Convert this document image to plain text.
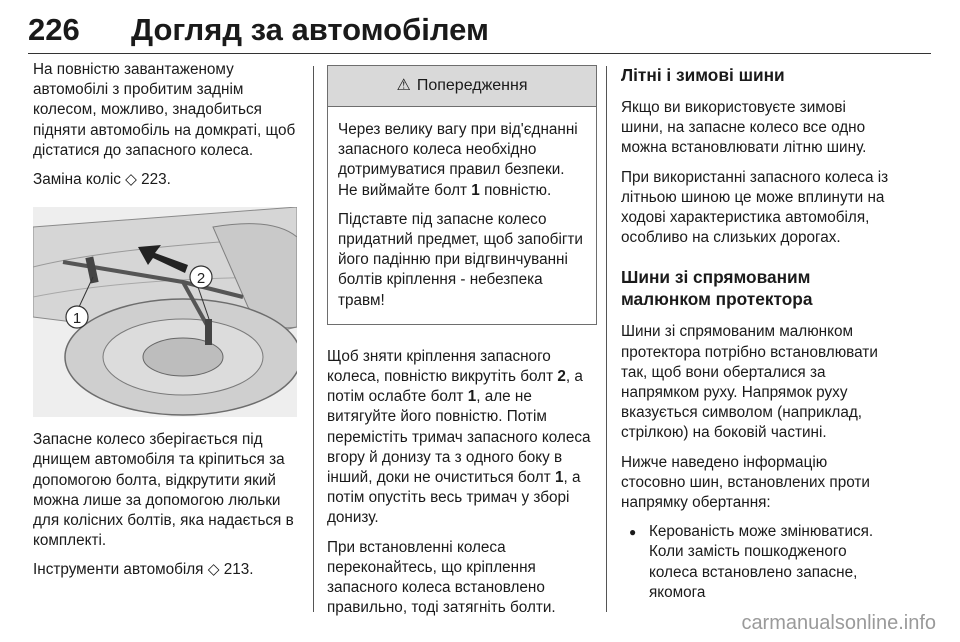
226 Догляд за автомобілем

На повністю завантаженому автомобілі з пробитим заднім колесом, можливо, знадобиться підняти автомобіль на домкраті, щоб дістатися до запасного колеса.

Заміна коліс ◇ 223.

1
2

Запасне колесо зберігається під днищем автомобіля та кріпиться за допомогою болта, відкрутити який можна лише за допомогою люльки для колісних болтів, яка надається в комплекті.

Інструменти автомобіля ◇ 213.

⚠ Попередження

Через велику вагу при від'єднанні запасного колеса необхідно дотримуватися правил безпеки. Не виймайте болт 1 повністю.

Підставте під запасне колесо придатний предмет, щоб запобігти його падінню при відгвинчуванні болтів кріплення - небезпека травм!

Щоб зняти кріплення запасного колеса, повністю викрутіть болт 2, а потім ослабте болт 1, але не витягуйте його повністю. Потім перемістіть тримач запасного колеса вгору й донизу та з одного боку в інший, доки не очиститься болт 1, а потім опустіть весь тримач у зборі донизу.

При встановленні колеса переконайтесь, що кріплення запасного колеса встановлено правильно, тоді затягніть болти.

Літні і зимові шини

Якщо ви використовуєте зимові шини, на запасне колесо все одно можна встановлювати літню шину.

При використанні запасного колеса із літньою шиною це може вплинути на ходові характеристика автомобіля, особливо на слизьких дорогах.

Шини зі спрямованим малюнком протектора

Шини зі спрямованим малюнком протектора потрібно встановлювати так, щоб вони оберталися за напрямком руху. Напрямок руху вказується символом (наприклад, стрілкою) на боковій частині.

Нижче наведено інформацію стосовно шин, встановлених проти напрямку обертання:

● Керованість може змінюватися. Коли замість пошкодженого колеса встановлено запасне, якомога
carmanualsonline.info
